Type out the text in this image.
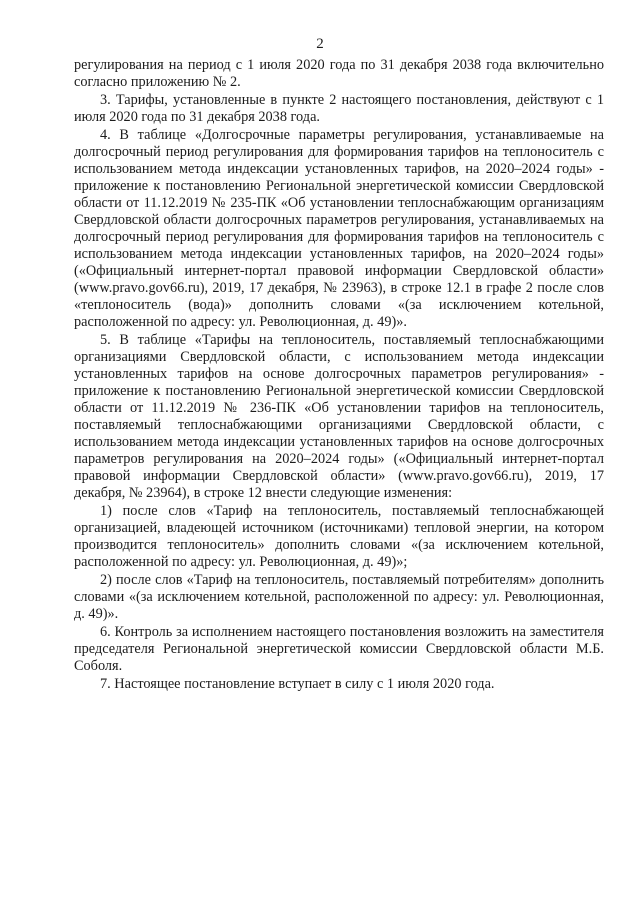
2

регулирования на период с 1 июля 2020 года по 31 декабря 2038 года включительно согласно приложению № 2.

3. Тарифы, установленные в пункте 2 настоящего постановления, действуют с 1 июля 2020 года по 31 декабря 2038 года.

4. В таблице «Долгосрочные параметры регулирования, устанавливаемые на долгосрочный период регулирования для формирования тарифов на теплоноситель с использованием метода индексации установленных тарифов, на 2020–2024 годы» - приложение к постановлению Региональной энергетической комиссии Свердловской области от 11.12.2019 № 235-ПК «Об установлении теплоснабжающим организациям Свердловской области долгосрочных параметров регулирования, устанавливаемых на долгосрочный период регулирования для формирования тарифов на теплоноситель с использованием метода индексации установленных тарифов, на 2020–2024 годы» («Официальный интернет-портал правовой информации Свердловской области» (www.pravo.gov66.ru), 2019, 17 декабря, № 23963), в строке 12.1 в графе 2 после слов «теплоноситель (вода)» дополнить словами «(за исключением котельной, расположенной по адресу: ул. Революционная, д. 49)».

5. В таблице «Тарифы на теплоноситель, поставляемый теплоснабжающими организациями Свердловской области, с использованием метода индексации установленных тарифов на основе долгосрочных параметров регулирования» - приложение к постановлению Региональной энергетической комиссии Свердловской области от 11.12.2019 № 236-ПК «Об установлении тарифов на теплоноситель, поставляемый теплоснабжающими организациями Свердловской области, с использованием метода индексации установленных тарифов на основе долгосрочных параметров регулирования на 2020–2024 годы» («Официальный интернет-портал правовой информации Свердловской области» (www.pravo.gov66.ru), 2019, 17 декабря, № 23964), в строке 12 внести следующие изменения:

1) после слов «Тариф на теплоноситель, поставляемый теплоснабжающей организацией, владеющей источником (источниками) тепловой энергии, на котором производится теплоноситель» дополнить словами «(за исключением котельной, расположенной по адресу: ул. Революционная, д. 49)»;

2) после слов «Тариф на теплоноситель, поставляемый потребителям» дополнить словами «(за исключением котельной, расположенной по адресу: ул. Революционная, д. 49)».

6. Контроль за исполнением настоящего постановления возложить на заместителя председателя Региональной энергетической комиссии Свердловской области М.Б. Соболя.

7. Настоящее постановление вступает в силу с 1 июля 2020 года.
